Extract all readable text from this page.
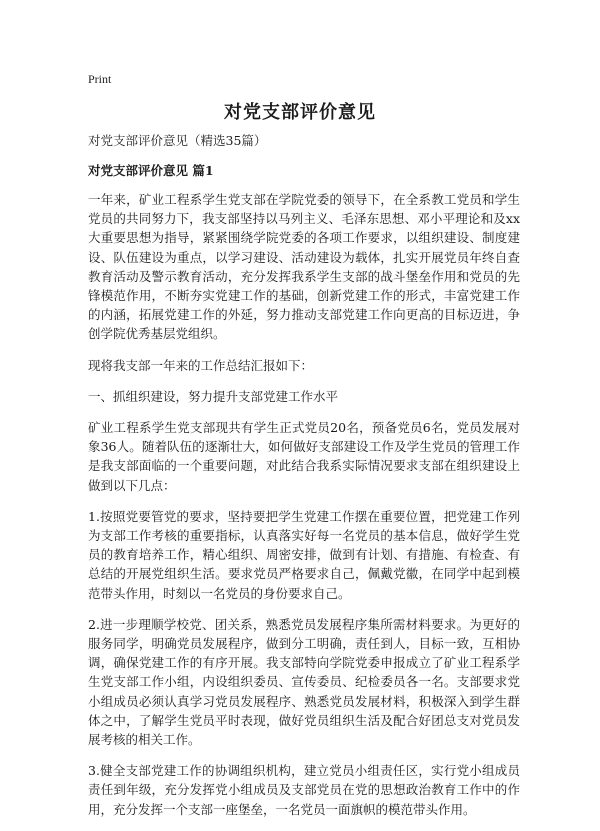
Print
对党支部评价意见

对党支部评价意见（精选35篇）

对党支部评价意见 篇1

一年来，矿业工程系学生党支部在学院党委的领导下，在全系教工党员和学生党员的共同努力下，我支部坚持以马列主义、毛泽东思想、邓小平理论和及xx大重要思想为指导，紧紧围绕学院党委的各项工作要求，以组织建设、制度建设、队伍建设为重点，以学习建设、活动建设为载体，扎实开展党员年终自查教育活动及警示教育活动，充分发挥我系学生支部的战斗堡垒作用和党员的先锋模范作用，不断夯实党建工作的基础，创新党建工作的形式，丰富党建工作的内涵，拓展党建工作的外延，努力推动支部党建工作向更高的目标迈进，争创学院优秀基层党组织。

现将我支部一年来的工作总结汇报如下：

一、抓组织建设，努力提升支部党建工作水平

矿业工程系学生党支部现共有学生正式党员20名，预备党员6名，党员发展对象36人。随着队伍的逐渐壮大，如何做好支部建设工作及学生党员的管理工作是我支部面临的一个重要问题，对此结合我系实际情况要求支部在组织建设上做到以下几点：

1.按照党要管党的要求，坚持要把学生党建工作摆在重要位置，把党建工作列为支部工作考核的重要指标，认真落实好每一名党员的基本信息，做好学生党员的教育培养工作，精心组织、周密安排，做到有计划、有措施、有检查、有总结的开展党组织生活。要求党员严格要求自己，佩戴党徽，在同学中起到模范带头作用，时刻以一名党员的身份要求自己。

2.进一步理顺学校党、团关系，熟悉党员发展程序集所需材料要求。为更好的服务同学，明确党员发展程序，做到分工明确，责任到人，目标一致，互相协调，确保党建工作的有序开展。我支部特向学院党委申报成立了矿业工程系学生党支部工作小组，内设组织委员、宣传委员、纪检委员各一名。支部要求党小组成员必须认真学习党员发展程序、熟悉党员发展材料，积极深入到学生群体之中，了解学生党员平时表现，做好党员组织生活及配合好团总支对党员发展考核的相关工作。

3.健全支部党建工作的协调组织机构，建立党员小组责任区，实行党小组成员责任到年级，充分发挥党小组成员及支部党员在党的思想政治教育工作中的作用，充分发挥一个支部一座堡垒，一名党员一面旗帜的模范带头作用。
